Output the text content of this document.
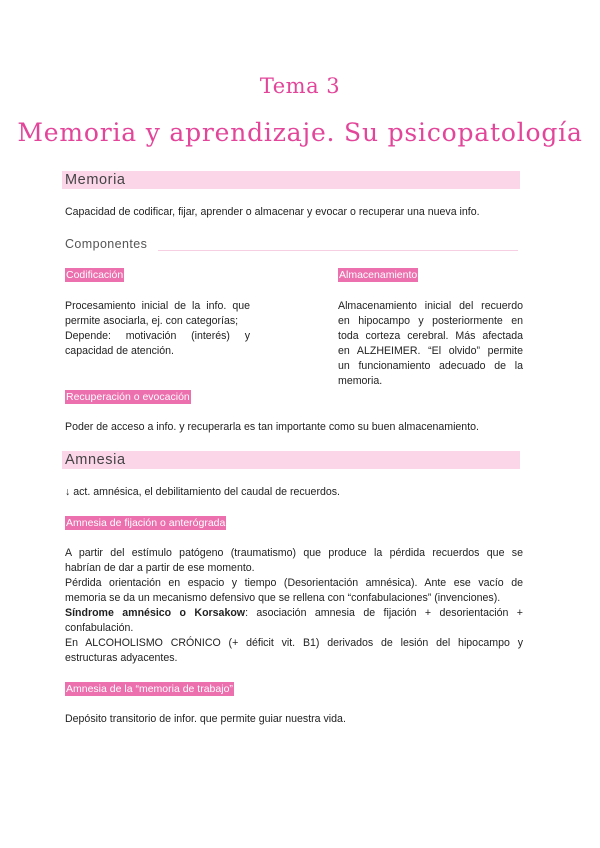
Tema 3
Memoria y aprendizaje. Su psicopatología
Memoria
Capacidad de codificar, fijar, aprender o almacenar y evocar o recuperar una nueva info.
Componentes
Codificación	Almacenamiento
Procesamiento inicial de la info. que
permite asociarla, ej. con categorías;
Depende: motivación (interés) y
capacidad de atención.
Almacenamiento inicial del recuerdo
en hipocampo y posteriormente en
toda corteza cerebral. Más afectada
en ALZHEIMER. “El olvido” permite
un funcionamiento adecuado de la
memoria.
Recuperación o evocación
Poder de acceso a info. y recuperarla es tan importante como su buen almacenamiento.
Amnesia
↓ act. amnésica, el debilitamiento del caudal de recuerdos.
Amnesia de fijación o anterógrada
A partir del estímulo patógeno (traumatismo) que produce la pérdida recuerdos que se
habrían de dar a partir de ese momento.
Pérdida orientación en espacio y tiempo (Desorientación amnésica). Ante ese vacío de
memoria se da un mecanismo defensivo que se rellena con “confabulaciones” (invenciones).
Síndrome amnésico o Korsakow: asociación amnesia de fijación + desorientación +
confabulación.
En ALCOHOLISMO CRÓNICO (+ déficit vit. B1) derivados de lesión del hipocampo y
estructuras adyacentes.
Amnesia de la “memoria de trabajo”
Depósito transitorio de infor. que permite guiar nuestra vida.
